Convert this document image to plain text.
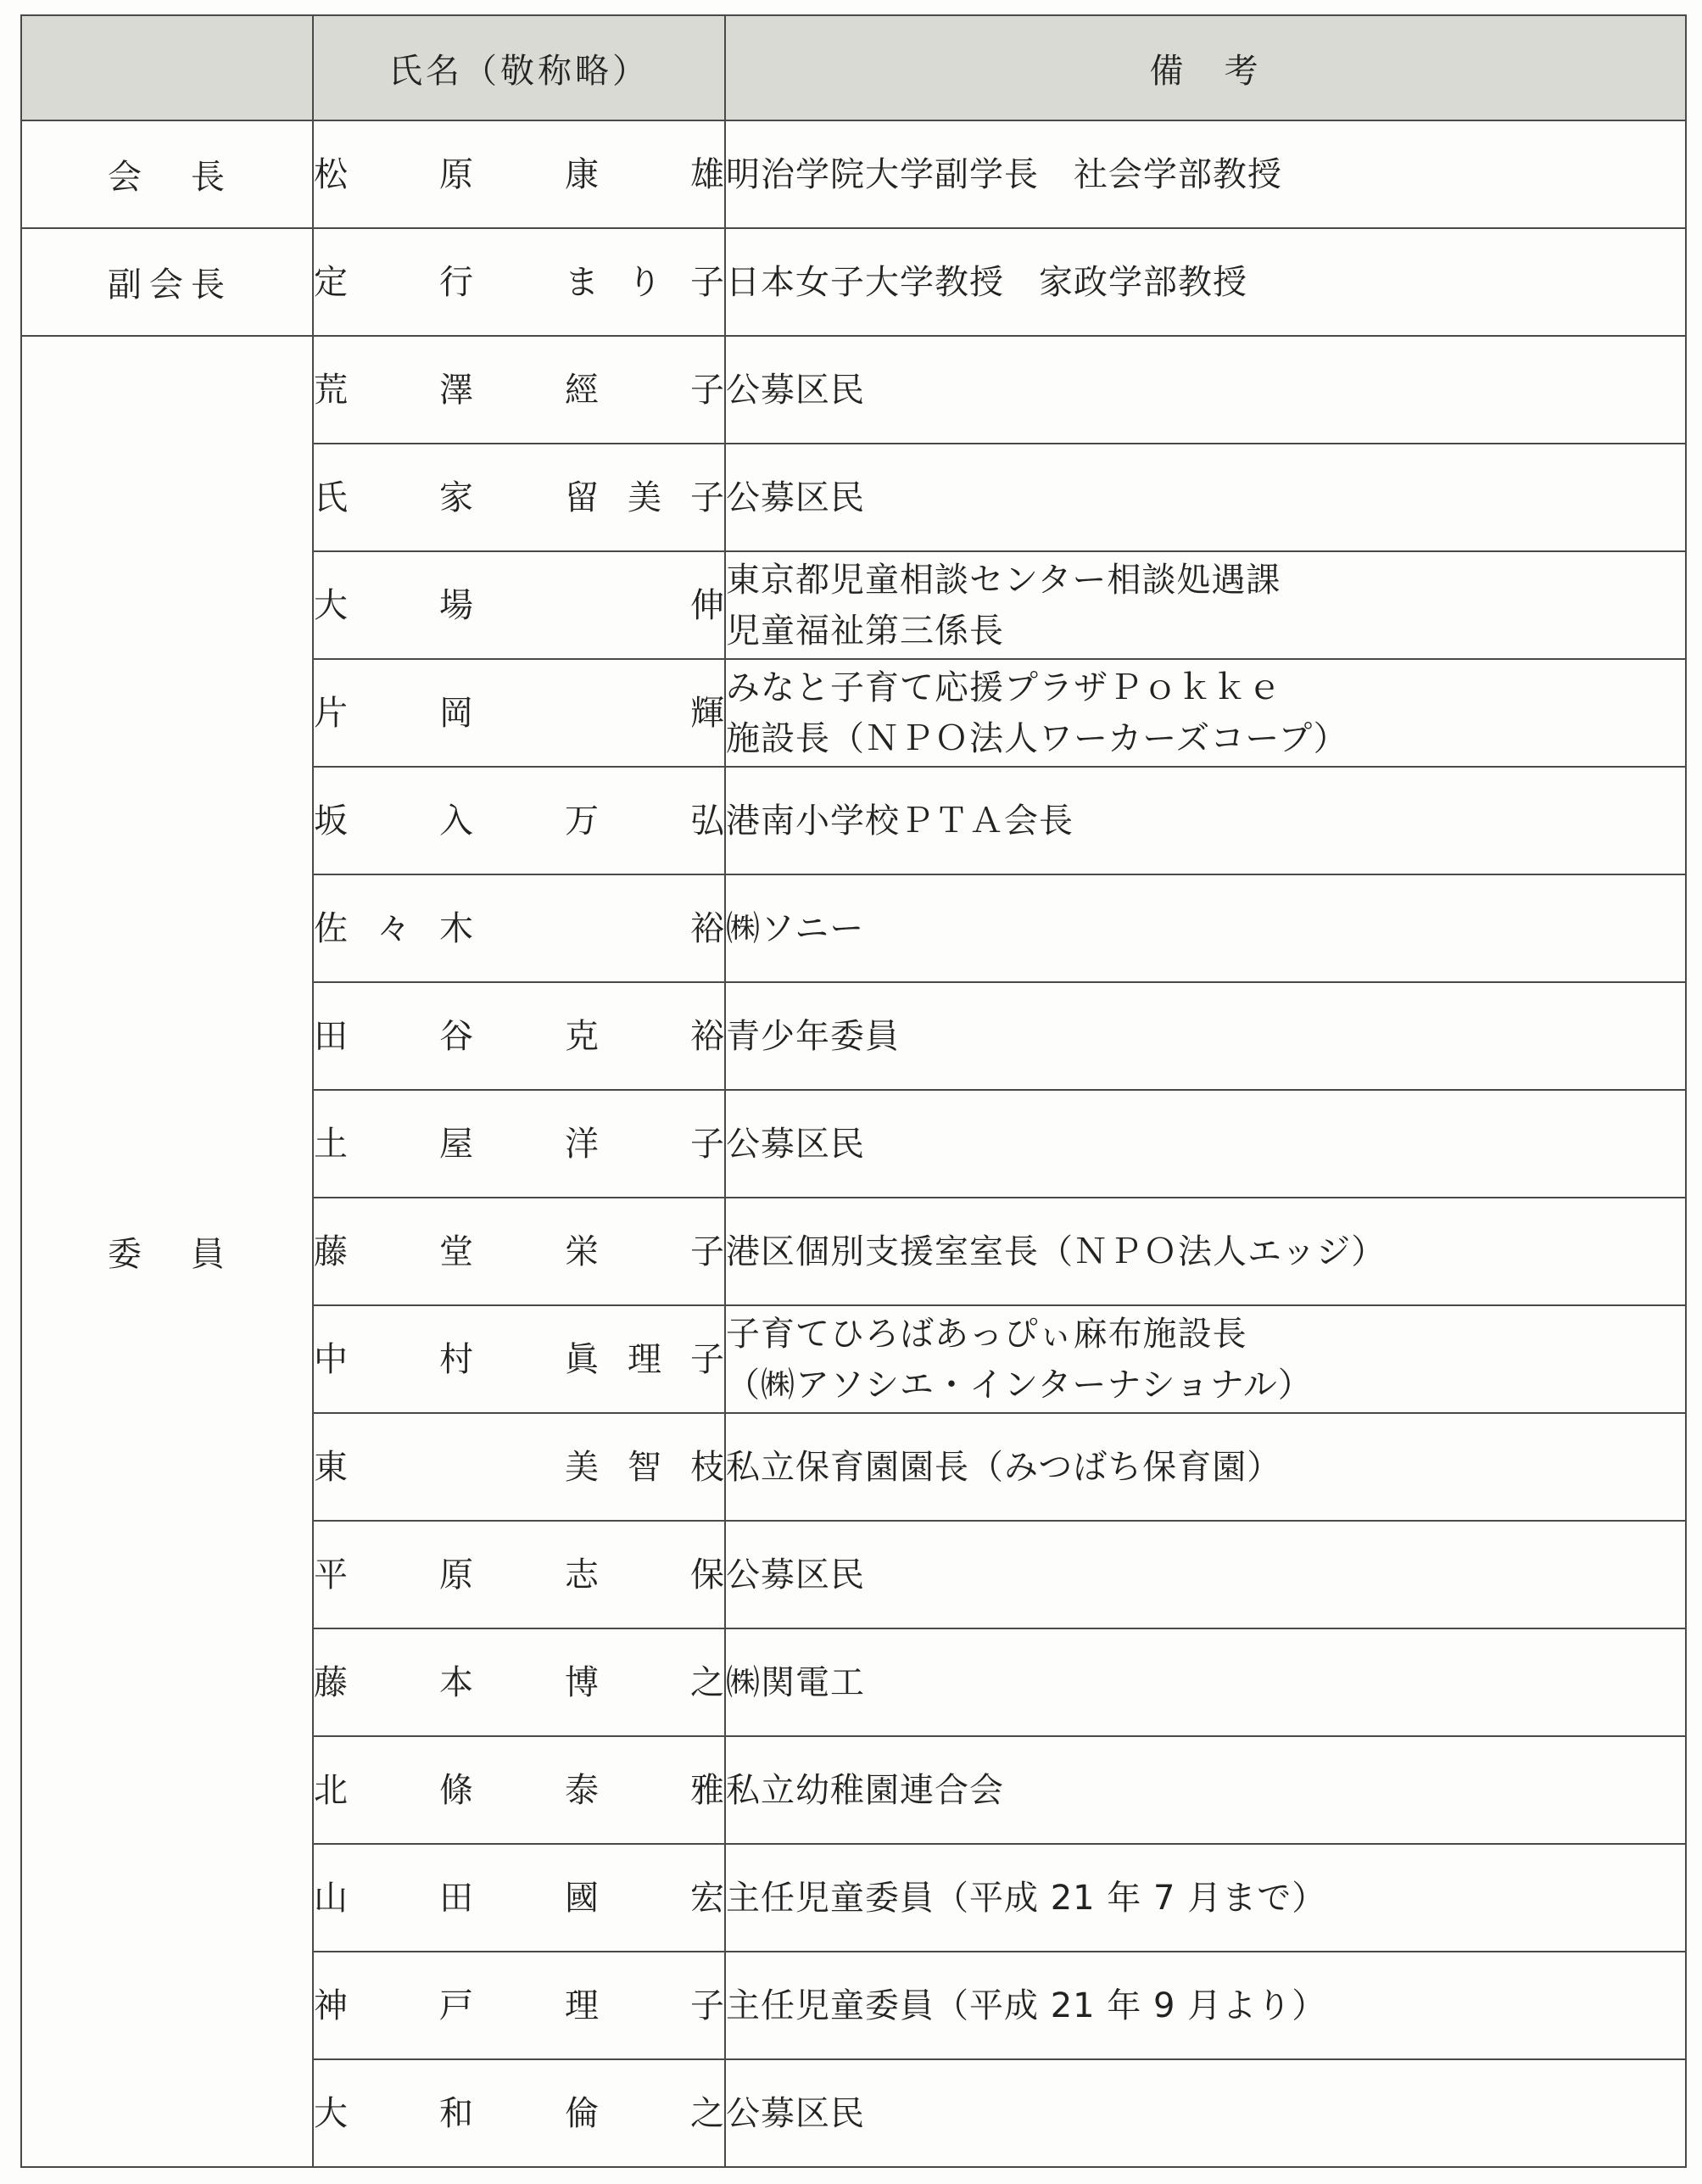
	氏名（敬称略）	備　考
会　長	松　原　康　雄	明治学院大学副学長　社会学部教授

副会長	定　行　まり子	日本女子大学教授　家政学部教授

委　員	荒　澤　經　子	公募区民

	氏　家　留美子	公募区民

	大　場　　　伸	東京都児童相談センター相談処遇課
児童福祉第三係長

	片　岡　　　輝	みなと子育て応援プラザＰｏｋｋｅ
施設長（ＮＰＯ法人ワーカーズコープ）

	坂　入　万　弘	港南小学校ＰＴＡ会長

	佐々木　　　裕	㈱ソニー

	田　谷　克　裕	青少年委員

	土　屋　洋　子	公募区民

	藤　堂　栄　子	港区個別支援室室長（ＮＰＯ法人エッジ）

	中　村　眞理子	子育てひろばあっぴぃ麻布施設長
（㈱アソシエ・インターナショナル）

	東　　　美智枝	私立保育園園長（みつばち保育園）

	平　原　志　保	公募区民

	藤　本　博　之	㈱関電工

	北　條　泰　雅	私立幼稚園連合会

	山　田　國　宏	主任児童委員（平成 21 年 7 月まで）

	神　戸　理　子	主任児童委員（平成 21 年 9 月より）

	大　和　倫　之	公募区民
